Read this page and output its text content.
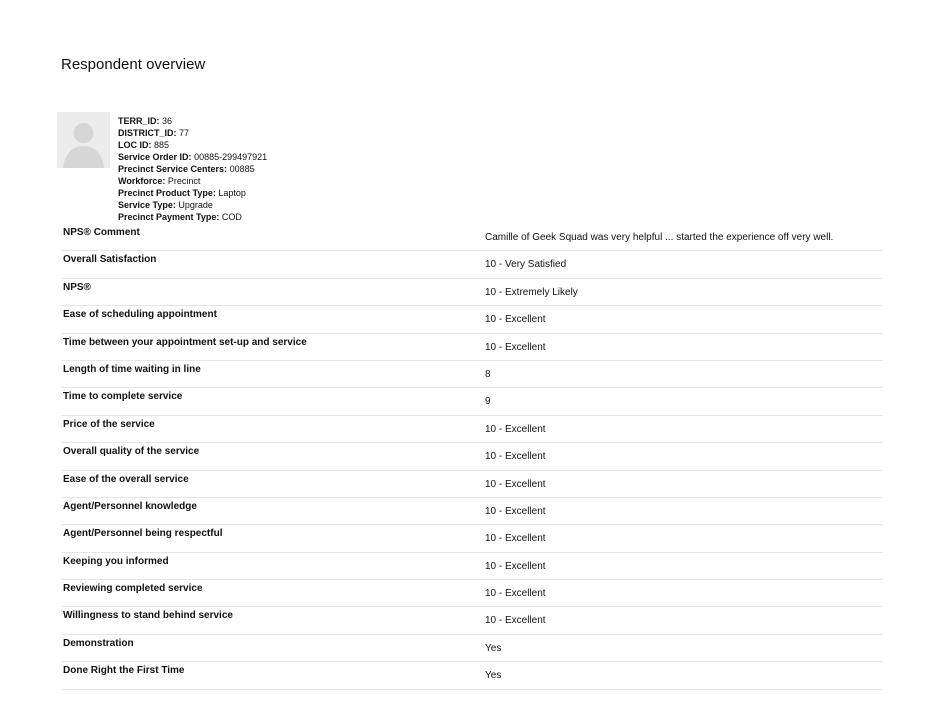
Respondent overview
TERR_ID: 36
DISTRICT_ID: 77
LOC ID: 885
Service Order ID: 00885-299497921
Precinct Service Centers: 00885
Workforce: Precinct
Precinct Product Type: Laptop
Service Type: Upgrade
Precinct Payment Type: COD
NPS® Comment	Camille of Geek Squad was very helpful ... started the experience off very well.
Overall Satisfaction	10 - Very Satisfied
NPS®	10 - Extremely Likely
Ease of scheduling appointment	10 - Excellent
Time between your appointment set-up and service	10 - Excellent
Length of time waiting in line	8
Time to complete service	9
Price of the service	10 - Excellent
Overall quality of the service	10 - Excellent
Ease of the overall service	10 - Excellent
Agent/Personnel knowledge	10 - Excellent
Agent/Personnel being respectful	10 - Excellent
Keeping you informed	10 - Excellent
Reviewing completed service	10 - Excellent
Willingness to stand behind service	10 - Excellent
Demonstration	Yes
Done Right the First Time	Yes
